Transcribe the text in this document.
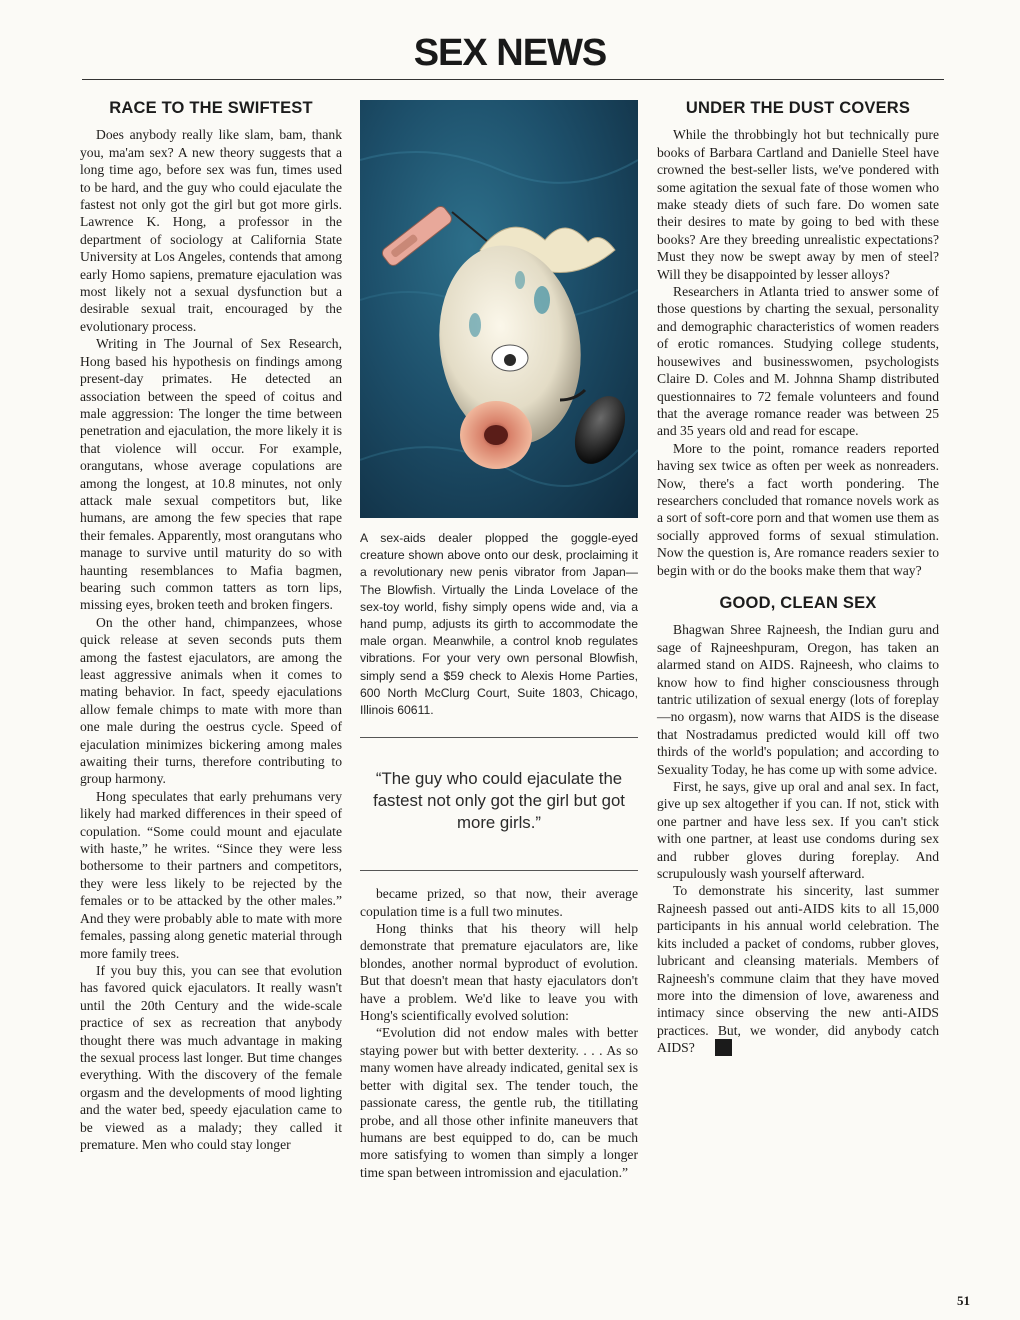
SEX NEWS
RACE TO THE SWIFTEST

Does anybody really like slam, bam, thank you, ma'am sex? A new theory suggests that a long time ago, before sex was fun, times used to be hard, and the guy who could ejaculate the fastest not only got the girl but got more girls. Lawrence K. Hong, a professor in the department of sociology at California State University at Los Angeles, contends that among early Homo sapiens, premature ejaculation was most likely not a sexual dysfunction but a desirable sexual trait, encouraged by the evolutionary process.

Writing in The Journal of Sex Research, Hong based his hypothesis on findings among present-day primates. He detected an association between the speed of coitus and male aggression: The longer the time between penetration and ejaculation, the more likely it is that violence will occur. For example, orangutans, whose average copulations are among the longest, at 10.8 minutes, not only attack male sexual competitors but, like humans, are among the few species that rape their females. Apparently, most orangutans who manage to survive until maturity do so with haunting resemblances to Mafia bagmen, bearing such common tatters as torn lips, missing eyes, broken teeth and broken fingers.

On the other hand, chimpanzees, whose quick release at seven seconds puts them among the fastest ejaculators, are among the least aggressive animals when it comes to mating behavior. In fact, speedy ejaculations allow female chimps to mate with more than one male during the oestrus cycle. Speed of ejaculation minimizes bickering among males awaiting their turns, therefore contributing to group harmony.

Hong speculates that early prehumans very likely had marked differences in their speed of copulation. “Some could mount and ejaculate with haste,” he writes. “Since they were less bothersome to their partners and competitors, they were less likely to be rejected by the females or to be attacked by the other males.” And they were probably able to mate with more females, passing along genetic material through more family trees.

If you buy this, you can see that evolution has favored quick ejaculators. It really wasn't until the 20th Century and the wide-scale practice of sex as recreation that anybody thought there was much advantage in making the sexual process last longer. But time changes everything. With the discovery of the female orgasm and the developments of mood lighting and the water bed, speedy ejaculation came to be viewed as a malady; they called it premature. Men who could stay longer

A sex-aids dealer plopped the goggle-eyed creature shown above onto our desk, proclaiming it a revolutionary new penis vibrator from Japan—The Blowfish. Virtually the Linda Lovelace of the sex-toy world, fishy simply opens wide and, via a hand pump, adjusts its girth to accommodate the male organ. Meanwhile, a control knob regulates vibrations. For your very own personal Blowfish, simply send a $59 check to Alexis Home Parties, 600 North McClurg Court, Suite 1803, Chicago, Illinois 60611.
“The guy who could ejaculate the fastest not only got the girl but got more girls.”

became prized, so that now, their average copulation time is a full two minutes.

Hong thinks that his theory will help demonstrate that premature ejaculators are, like blondes, another normal byproduct of evolution. But that doesn't mean that hasty ejaculators don't have a problem. We'd like to leave you with Hong's scientifically evolved solution:

“Evolution did not endow males with better staying power but with better dexterity. . . . As so many women have already indicated, genital sex is better with digital sex. The tender touch, the passionate caress, the gentle rub, the titillating probe, and all those other infinite maneuvers that humans are best equipped to do, can be much more satisfying to women than simply a longer time span between intromission and ejaculation.”

UNDER THE DUST COVERS

While the throbbingly hot but technically pure books of Barbara Cartland and Danielle Steel have crowned the best-seller lists, we've pondered with some agitation the sexual fate of those women who make steady diets of such fare. Do women sate their desires to mate by going to bed with these books? Are they breeding unrealistic expectations? Must they now be swept away by men of steel? Will they be disappointed by lesser alloys?

Researchers in Atlanta tried to answer some of those questions by charting the sexual, personality and demographic characteristics of women readers of erotic romances. Studying college students, housewives and businesswomen, psychologists Claire D. Coles and M. Johnna Shamp distributed questionnaires to 72 female volunteers and found that the average romance reader was between 25 and 35 years old and read for escape.

More to the point, romance readers reported having sex twice as often per week as nonreaders. Now, there's a fact worth pondering. The researchers concluded that romance novels work as a sort of soft-core porn and that women use them as socially approved forms of sexual stimulation. Now the question is, Are romance readers sexier to begin with or do the books make them that way?

GOOD, CLEAN SEX

Bhagwan Shree Rajneesh, the Indian guru and sage of Rajneeshpuram, Oregon, has taken an alarmed stand on AIDS. Rajneesh, who claims to know how to find higher consciousness through tantric utilization of sexual energy (lots of foreplay—no orgasm), now warns that AIDS is the disease that Nostradamus predicted would kill off two thirds of the world's population; and according to Sexuality Today, he has come up with some advice.

First, he says, give up oral and anal sex. In fact, give up sex altogether if you can. If not, stick with one partner and have less sex. If you can't stick with one partner, at least use condoms during sex and rubber gloves during foreplay. And scrupulously wash yourself afterward.

To demonstrate his sincerity, last summer Rajneesh passed out anti-AIDS kits to all 15,000 participants in his annual world celebration. The kits included a packet of condoms, rubber gloves, lubricant and cleansing materials. Members of Rajneesh's commune claim that they have moved more into the dimension of love, awareness and intimacy since observing the new anti-AIDS practices. But, we wonder, did anybody catch AIDS?

51
